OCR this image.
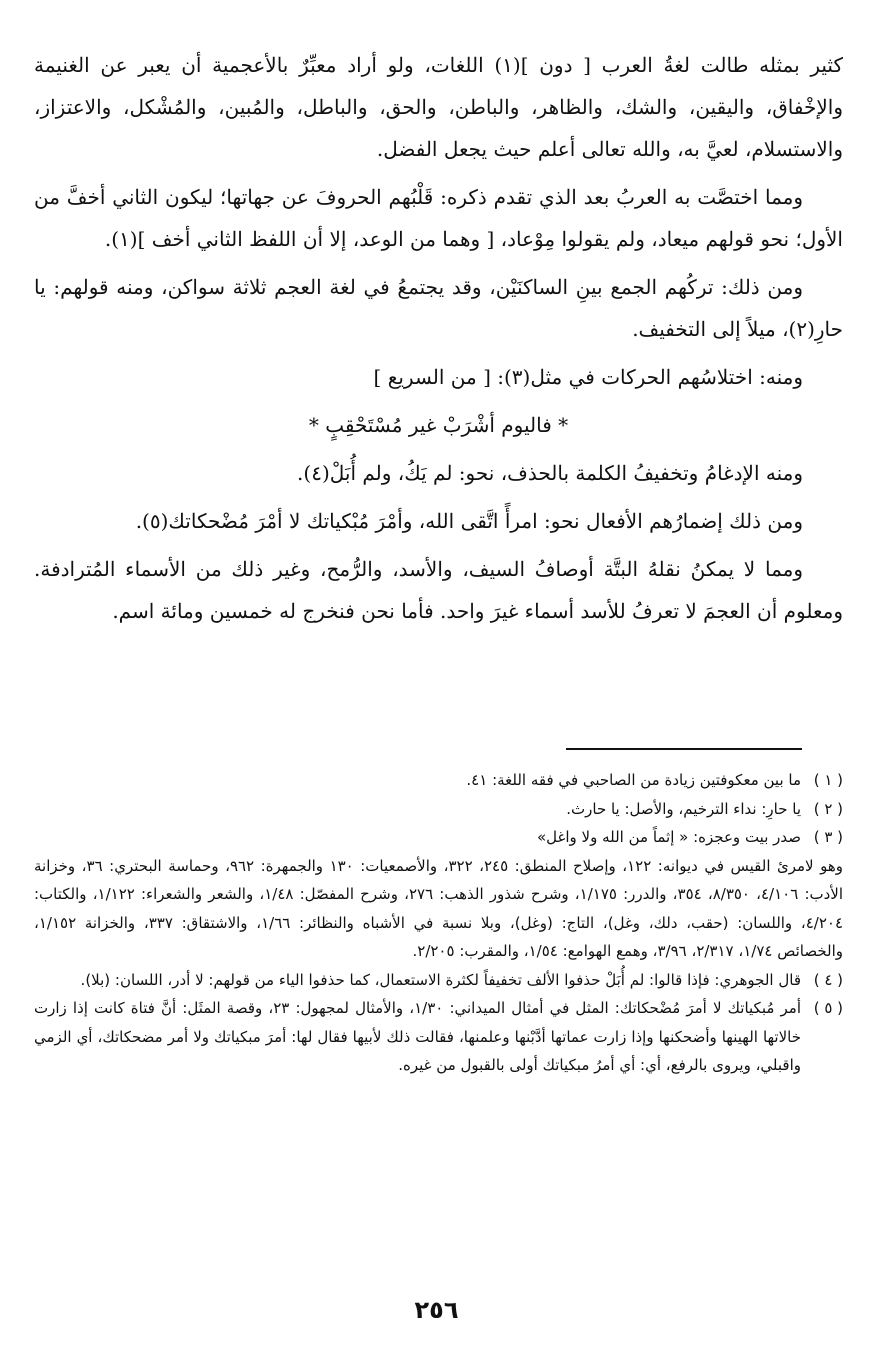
كثير بمثله طالت لغةُ العرب [ دون ](١) اللغات، ولو أراد معبِّرٌ بالأعجمية أن يعبر عن الغنيمة والإخْفاق، واليقين، والشك، والظاهر، والباطن، والحق، والباطل، والمُبين، والمُشْكل، والاعتزاز، والاستسلام، لعيَّ به، والله تعالى أعلم حيث يجعل الفضل.

ومما اختصَّت به العربُ بعد الذي تقدم ذكره: قَلْبُهم الحروفَ عن جهاتها؛ ليكون الثاني أخفَّ من الأول؛ نحو قولهم ميعاد، ولم يقولوا مِوْعاد، [ وهما من الوعد، إلا أن اللفظ الثاني أخف ](١).

ومن ذلك: تركُهم الجمع بينِ الساكنَيْن، وقد يجتمعُ في لغة العجم ثلاثة سواكن، ومنه قولهم: يا حارِ(٢)، ميلاً إلى التخفيف.

ومنه: اختلاسُهم الحركات في مثل(٣): [ من السريع ]

* فاليوم أشْرَبْ غير مُسْتَحْقِبٍ *

ومنه الإدغامُ وتخفيفُ الكلمة بالحذف، نحو: لم يَكُ، ولم أُبَلْ(٤).

ومن ذلك إضمارُهم الأفعال نحو: امرأً اتَّقى الله، وأمْرَ مُبْكياتك لا أمْرَ مُضْحكاتك(٥).

ومما لا يمكنُ نقلهُ البتَّة أوصافُ السيف، والأسد، والرُّمح، وغير ذلك من الأسماء المُترادفة. ومعلوم أن العجمَ لا تعرفُ للأسد أسماء غيرَ واحد. فأما نحن فنخرج له خمسين ومائة اسم.

( ١ )
ما بين معكوفتين زيادة من الصاحبي في فقه اللغة: ٤١.
( ٢ )
يا حارِ: نداء الترخيم، والأصل: يا حارث.
( ٣ )
صدر بيت وعجزه: « إثماً من الله ولا واغل»
وهو لامرئ القيس في ديوانه: ١٢٢، وإصلاح المنطق: ٢٤٥، ٣٢٢، والأصمعيات: ١٣٠ والجمهرة: ٩٦٢، وحماسة البحتري: ٣٦، وخزانة الأدب: ٤/١٠٦، ٨/٣٥٠، ٣٥٤، والدرر: ١/١٧٥، وشرح شذور الذهب: ٢٧٦، وشرح المفصّل: ١/٤٨، والشعر والشعراء: ١/١٢٢، والكتاب: ٤/٢٠٤، واللسان: (حقب، دلك، وغل)، التاج: (وغل)، وبلا نسبة في الأشباه والنظائر: ١/٦٦، والاشتقاق: ٣٣٧، والخزانة ١/١٥٢، والخصائص ١/٧٤، ٢/٣١٧، ٣/٩٦، وهمع الهوامع: ١/٥٤، والمقرب: ٢/٢٠٥.
( ٤ )
قال الجوهري: فإذا قالوا: لم أُبَلْ حذفوا الألف تخفيفاً لكثرة الاستعمال، كما حذفوا الياء من قولهم: لا أدر، اللسان: (بلا).
( ٥ )
أمر مُبكياتك لا أمرَ مُضْحكاتك: المثل في أمثال الميداني: ١/٣٠، والأمثال لمجهول: ٢٣، وقصة المثَل: أنَّ فتاة كانت إذا زارت خالاتها الهينها وأضحكنها وإذا زارت عماتها أدَّبْنها وعلمنها، فقالت ذلك لأبيها فقال لها: أمرَ مبكياتك ولا أمر مضحكاتك، أي الزمي واقبلي، ويروى بالرفع، أي: أي أمرُ مبكياتك أولى بالقبول من غيره.
٢٥٦
